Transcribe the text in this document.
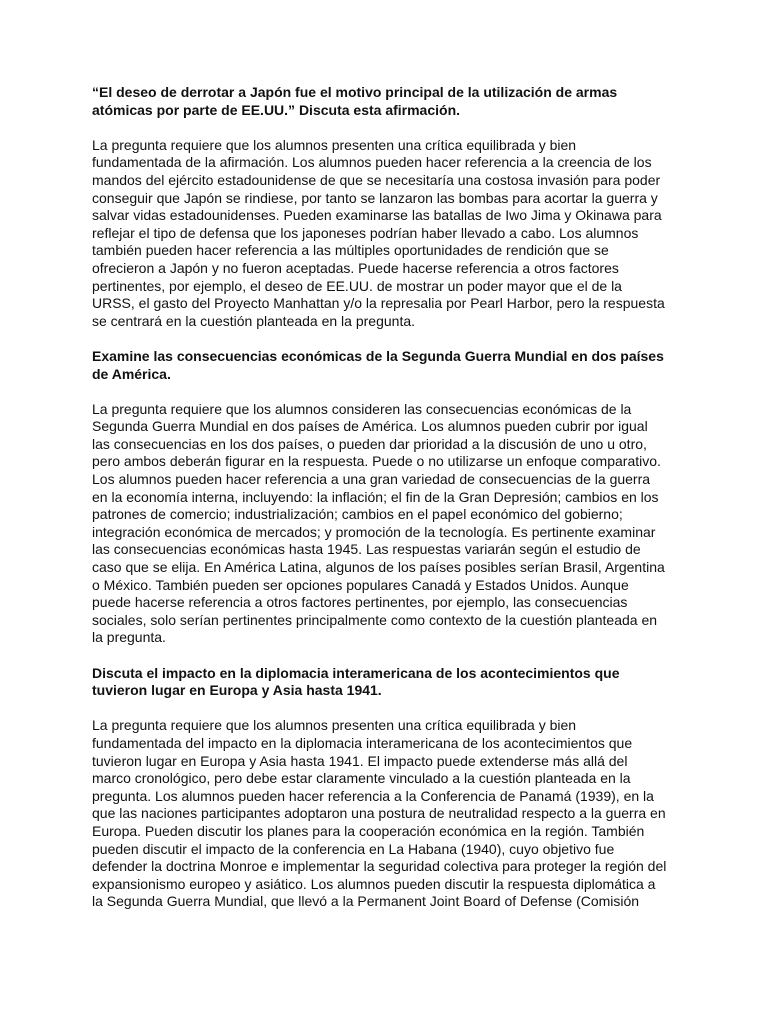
“El deseo de derrotar a Japón fue el motivo principal de la utilización de armas
atómicas por parte de EE.UU.” Discuta esta afirmación.

La pregunta requiere que los alumnos presenten una crítica equilibrada y bien
fundamentada de la afirmación. Los alumnos pueden hacer referencia a la creencia de los
mandos del ejército estadounidense de que se necesitaría una costosa invasión para poder
conseguir que Japón se rindiese, por tanto se lanzaron las bombas para acortar la guerra y
salvar vidas estadounidenses. Pueden examinarse las batallas de Iwo Jima y Okinawa para
reflejar el tipo de defensa que los japoneses podrían haber llevado a cabo. Los alumnos
también pueden hacer referencia a las múltiples oportunidades de rendición que se
ofrecieron a Japón y no fueron aceptadas. Puede hacerse referencia a otros factores
pertinentes, por ejemplo, el deseo de EE.UU. de mostrar un poder mayor que el de la
URSS, el gasto del Proyecto Manhattan y/o la represalia por Pearl Harbor, pero la respuesta
se centrará en la cuestión planteada en la pregunta.

Examine las consecuencias económicas de la Segunda Guerra Mundial en dos países
de América.

La pregunta requiere que los alumnos consideren las consecuencias económicas de la
Segunda Guerra Mundial en dos países de América. Los alumnos pueden cubrir por igual
las consecuencias en los dos países, o pueden dar prioridad a la discusión de uno u otro,
pero ambos deberán figurar en la respuesta. Puede o no utilizarse un enfoque comparativo.
Los alumnos pueden hacer referencia a una gran variedad de consecuencias de la guerra
en la economía interna, incluyendo: la inflación; el fin de la Gran Depresión; cambios en los
patrones de comercio; industrialización; cambios en el papel económico del gobierno;
integración económica de mercados; y promoción de la tecnología. Es pertinente examinar
las consecuencias económicas hasta 1945. Las respuestas variarán según el estudio de
caso que se elija. En América Latina, algunos de los países posibles serían Brasil, Argentina
o México. También pueden ser opciones populares Canadá y Estados Unidos. Aunque
puede hacerse referencia a otros factores pertinentes, por ejemplo, las consecuencias
sociales, solo serían pertinentes principalmente como contexto de la cuestión planteada en
la pregunta.

Discuta el impacto en la diplomacia interamericana de los acontecimientos que
tuvieron lugar en Europa y Asia hasta 1941.

La pregunta requiere que los alumnos presenten una crítica equilibrada y bien
fundamentada del impacto en la diplomacia interamericana de los acontecimientos que
tuvieron lugar en Europa y Asia hasta 1941. El impacto puede extenderse más allá del
marco cronológico, pero debe estar claramente vinculado a la cuestión planteada en la
pregunta. Los alumnos pueden hacer referencia a la Conferencia de Panamá (1939), en la
que las naciones participantes adoptaron una postura de neutralidad respecto a la guerra en
Europa. Pueden discutir los planes para la cooperación económica en la región. También
pueden discutir el impacto de la conferencia en La Habana (1940), cuyo objetivo fue
defender la doctrina Monroe e implementar la seguridad colectiva para proteger la región del
expansionismo europeo y asiático. Los alumnos pueden discutir la respuesta diplomática a
la Segunda Guerra Mundial, que llevó a la Permanent Joint Board of Defense (Comisión
